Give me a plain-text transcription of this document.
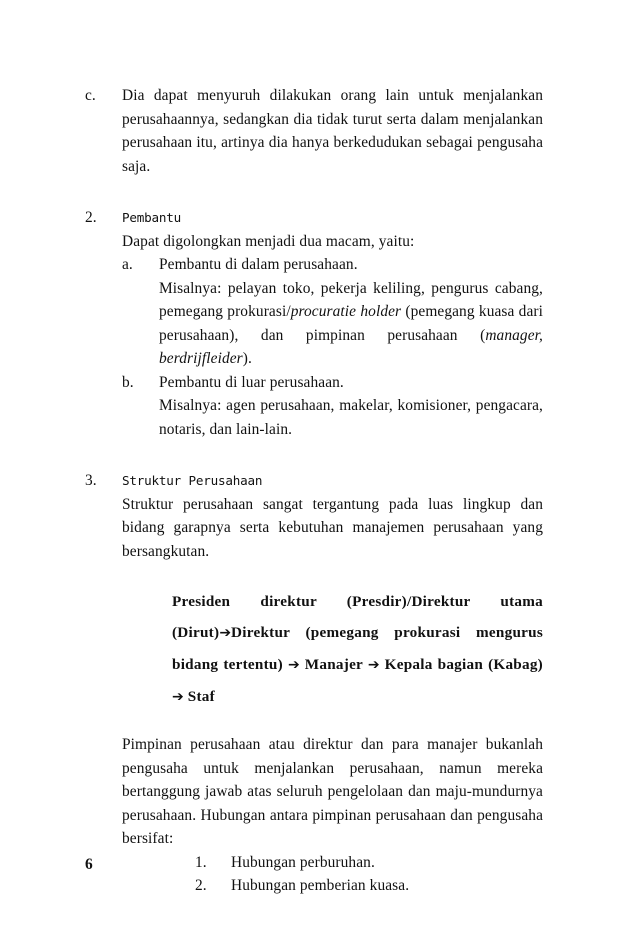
c.	Dia dapat menyuruh dilakukan orang lain untuk menjalankan perusahaannya, sedangkan dia tidak turut serta dalam menjalankan perusahaan itu, artinya dia hanya berkedudukan sebagai pengusaha saja.

2.	Pembantu

Dapat digolongkan menjadi dua macam, yaitu:

a.	Pembantu di dalam perusahaan.

Misalnya: pelayan toko, pekerja keliling, pengurus cabang, pemegang prokurasi/procuratie holder (pemegang kuasa dari perusahaan), dan pimpinan perusahaan (manager, berdrijfleider).

b.	Pembantu di luar perusahaan.

Misalnya: agen perusahaan, makelar, komisioner, pengacara, notaris, dan lain-lain.

3.	Struktur Perusahaan

Struktur perusahaan sangat tergantung pada luas lingkup dan bidang garapnya serta kebutuhan manajemen perusahaan yang bersangkutan.

Presiden direktur (Presdir)/Direktur utama (Dirut)➔Direktur (pemegang prokurasi mengurus bidang tertentu) ➔ Manajer ➔ Kepala bagian (Kabag) ➔ Staf

Pimpinan perusahaan atau direktur dan para manajer bukanlah pengusaha untuk menjalankan perusahaan, namun mereka bertanggung jawab atas seluruh pengelolaan dan maju-mundurnya perusahaan. Hubungan antara pimpinan perusahaan dan pengusaha bersifat:

1.	Hubungan perburuhan.

2.	Hubungan pemberian kuasa.

6
